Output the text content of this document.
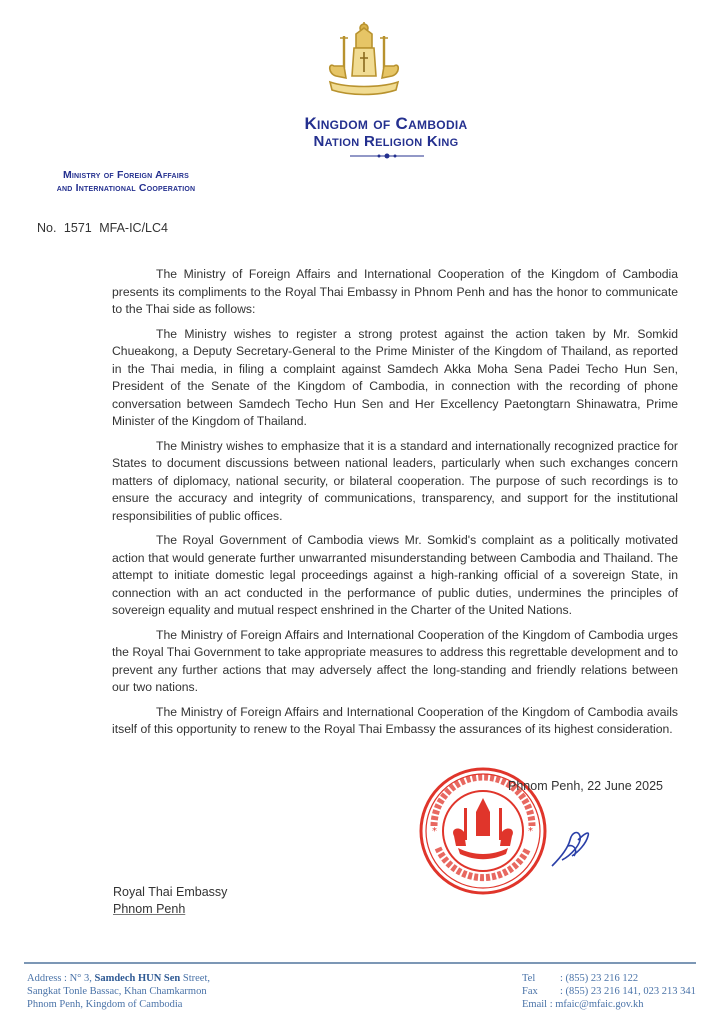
Kingdom of Cambodia
Nation Religion King
Ministry of Foreign Affairs
and International Cooperation
No. 1571 MFA-IC/LC4

The Ministry of Foreign Affairs and International Cooperation of the Kingdom of Cambodia presents its compliments to the Royal Thai Embassy in Phnom Penh and has the honor to communicate to the Thai side as follows:

The Ministry wishes to register a strong protest against the action taken by Mr. Somkid Chueakong, a Deputy Secretary-General to the Prime Minister of the Kingdom of Thailand, as reported in the Thai media, in filing a complaint against Samdech Akka Moha Sena Padei Techo Hun Sen, President of the Senate of the Kingdom of Cambodia, in connection with the recording of phone conversation between Samdech Techo Hun Sen and Her Excellency Paetongtarn Shinawatra, Prime Minister of the Kingdom of Thailand.

The Ministry wishes to emphasize that it is a standard and internationally recognized practice for States to document discussions between national leaders, particularly when such exchanges concern matters of diplomacy, national security, or bilateral cooperation. The purpose of such recordings is to ensure the accuracy and integrity of communications, transparency, and support for the institutional responsibilities of public offices.

The Royal Government of Cambodia views Mr. Somkid's complaint as a politically motivated action that would generate further unwarranted misunderstanding between Cambodia and Thailand. The attempt to initiate domestic legal proceedings against a high-ranking official of a sovereign State, in connection with an act conducted in the performance of public duties, undermines the principles of sovereign equality and mutual respect enshrined in the Charter of the United Nations.

The Ministry of Foreign Affairs and International Cooperation of the Kingdom of Cambodia urges the Royal Thai Government to take appropriate measures to address this regrettable development and to prevent any further actions that may adversely affect the long-standing and friendly relations between our two nations.

The Ministry of Foreign Affairs and International Cooperation of the Kingdom of Cambodia avails itself of this opportunity to renew to the Royal Thai Embassy the assurances of its highest consideration.

Phnom Penh, 22 June 2025
*	*
Royal Thai Embassy
Phnom Penh
Address : N° 3, Samdech HUN Sen Street,
Sangkat Tonle Bassac, Khan Chamkarmon
Phnom Penh, Kingdom of Cambodia
Tel : (855) 23 216 122
Fax : (855) 23 216 141, 023 213 341
Email : mfaic@mfaic.gov.kh
